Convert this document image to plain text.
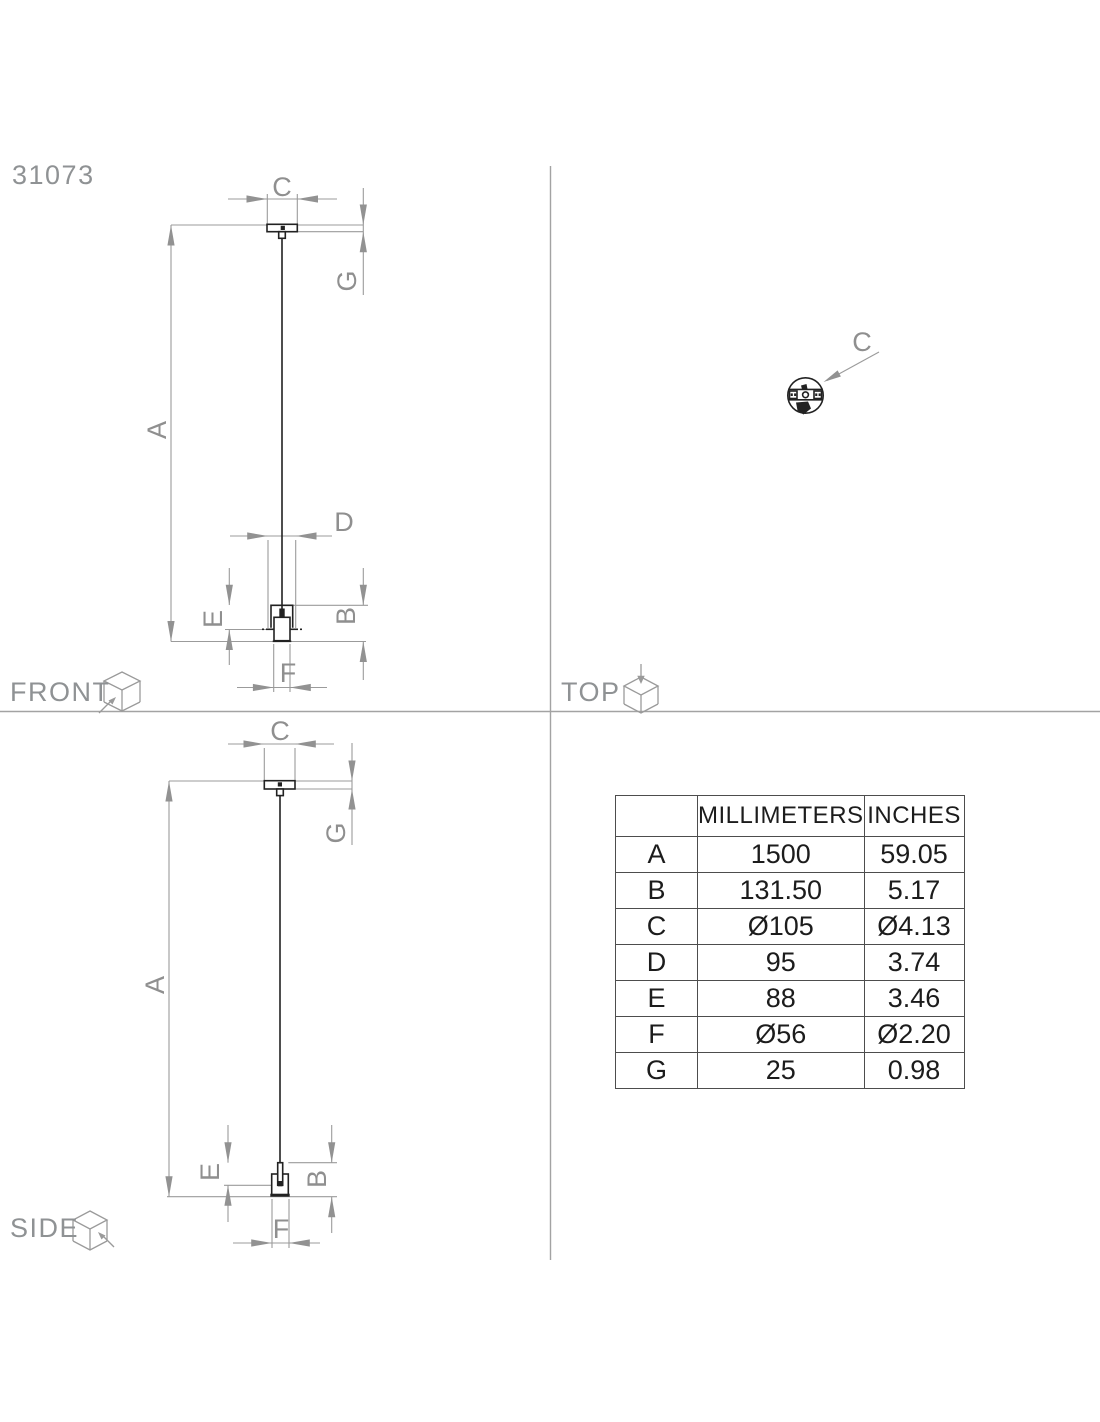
C
G
A
D
E	B
F
C
C
G
A
E	B
F
31073
FRONT	TOP
SIDE
	MILLIMETERS	INCHES
A	1500	59.05
B	131.50	5.17
C	Ø105	Ø4.13
D	95	3.74
E	88	3.46
F	Ø56	Ø2.20
G	25	0.98
